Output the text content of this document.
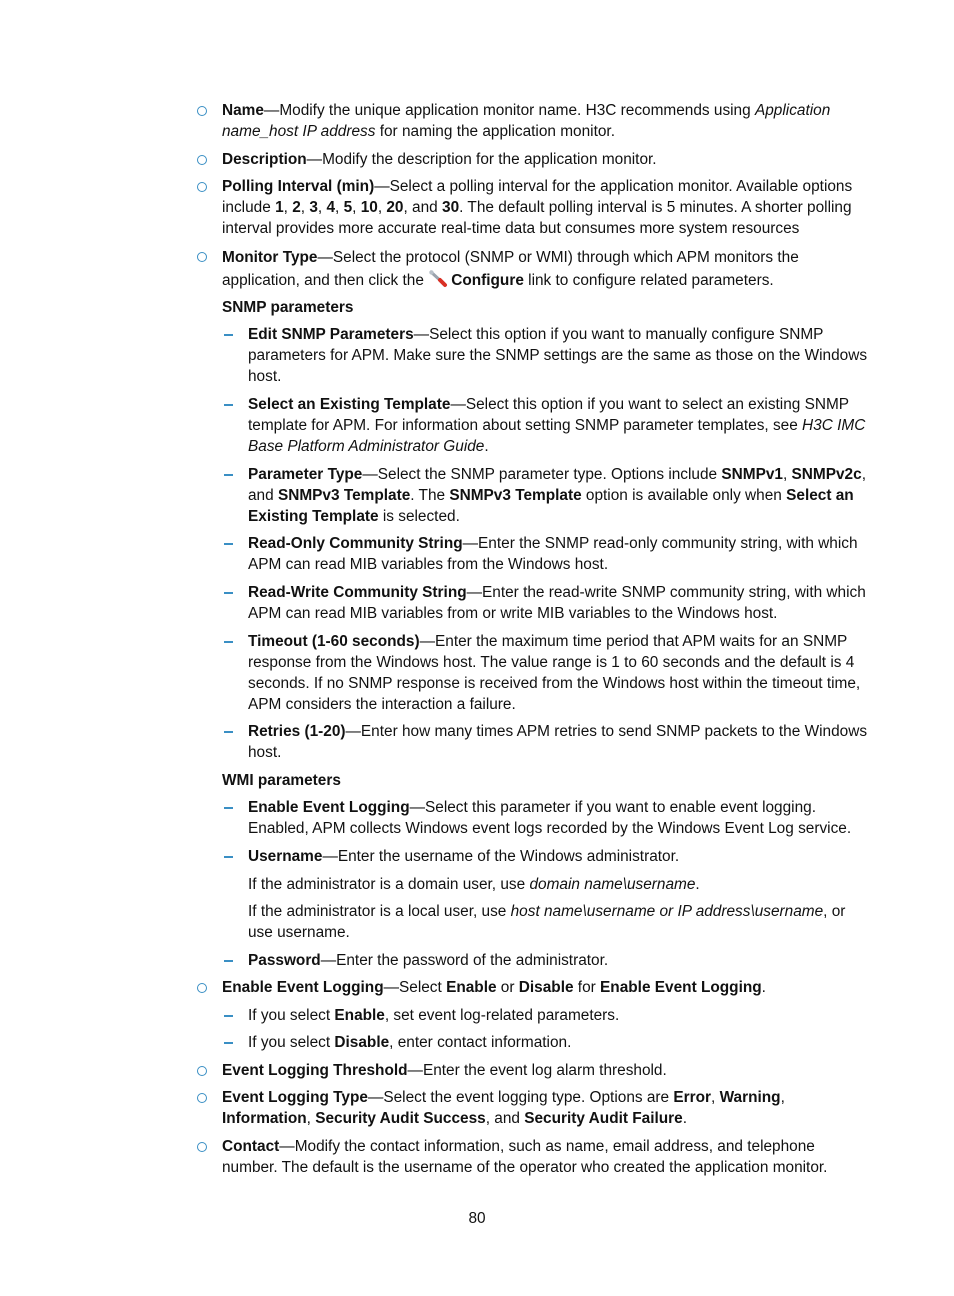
Name—Modify the unique application monitor name. H3C recommends using Application name_host IP address for naming the application monitor.
Description—Modify the description for the application monitor.
Polling Interval (min)—Select a polling interval for the application monitor. Available options include 1, 2, 3, 4, 5, 10, 20, and 30. The default polling interval is 5 minutes. A shorter polling interval provides more accurate real-time data but consumes more system resources
Monitor Type—Select the protocol (SNMP or WMI) through which APM monitors the application, and then click the Configure link to configure related parameters.
SNMP parameters
Edit SNMP Parameters—Select this option if you want to manually configure SNMP parameters for APM. Make sure the SNMP settings are the same as those on the Windows host.
Select an Existing Template—Select this option if you want to select an existing SNMP template for APM. For information about setting SNMP parameter templates, see H3C IMC Base Platform Administrator Guide.
Parameter Type—Select the SNMP parameter type. Options include SNMPv1, SNMPv2c, and SNMPv3 Template. The SNMPv3 Template option is available only when Select an Existing Template is selected.
Read-Only Community String—Enter the SNMP read-only community string, with which APM can read MIB variables from the Windows host.
Read-Write Community String—Enter the read-write SNMP community string, with which APM can read MIB variables from or write MIB variables to the Windows host.
Timeout (1-60 seconds)—Enter the maximum time period that APM waits for an SNMP response from the Windows host. The value range is 1 to 60 seconds and the default is 4 seconds. If no SNMP response is received from the Windows host within the timeout time, APM considers the interaction a failure.
Retries (1-20)—Enter how many times APM retries to send SNMP packets to the Windows host.
WMI parameters
Enable Event Logging—Select this parameter if you want to enable event logging. Enabled, APM collects Windows event logs recorded by the Windows Event Log service.
Username—Enter the username of the Windows administrator.
If the administrator is a domain user, use domain name\username.
If the administrator is a local user, use host name\username or IP address\username, or use username.
Password—Enter the password of the administrator.
Enable Event Logging—Select Enable or Disable for Enable Event Logging.
If you select Enable, set event log-related parameters.
If you select Disable, enter contact information.
Event Logging Threshold—Enter the event log alarm threshold.
Event Logging Type—Select the event logging type. Options are Error, Warning, Information, Security Audit Success, and Security Audit Failure.
Contact—Modify the contact information, such as name, email address, and telephone number. The default is the username of the operator who created the application monitor.
80
